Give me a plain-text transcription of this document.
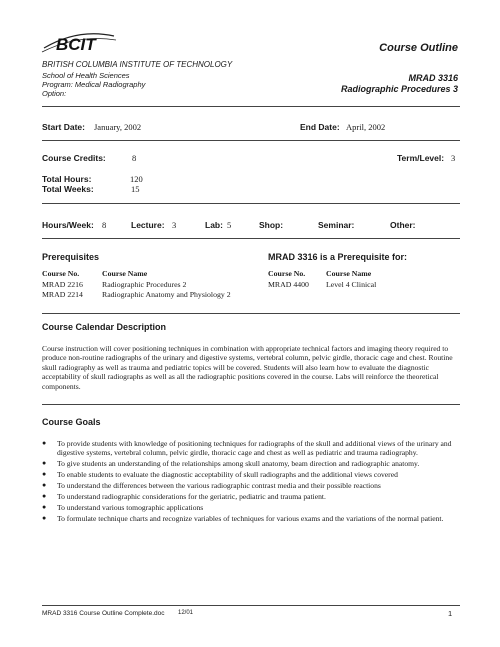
BCIT
BRITISH COLUMBIA INSTITUTE OF TECHNOLOGY
School of Health Sciences
Program: Medical Radiography
Option:
Course Outline
MRAD 3316
Radiographic Procedures 3
Start Date: January, 2002	End Date: April, 2002
Course Credits:	8	Term/Level: 3
Total Hours:	120
Total Weeks:	15
Hours/Week: 8	Lecture: 3	Lab: 5	Shop:	Seminar:	Other:
Prerequisites
Course No.	Course Name
MRAD 2216 Radiographic Procedures 2
MRAD 2214 Radiographic Anatomy and Physiology 2
MRAD 3316 is a Prerequisite for:
Course No.	Course Name
MRAD 4400 Level 4 Clinical
Course Calendar Description
Course instruction will cover positioning techniques in combination with appropriate technical factors and imaging theory required to produce non-routine radiographs of the urinary and digestive systems, vertebral column, pelvic girdle, thoracic cage and chest. Routine skull radiography as well as trauma and pediatric topics will be covered. Students will also learn how to evaluate the diagnostic acceptability of skull radiographs as well as all the radiographic positions covered in the course. Labs will reinforce the theoretical components.
Course Goals
● To provide students with knowledge of positioning techniques for radiographs of the skull and additional views of the urinary and digestive systems, vertebral column, pelvic girdle, thoracic cage and chest as well as pediatric and trauma radiography.
● To give students an understanding of the relationships among skull anatomy, beam direction and radiographic anatomy.
● To enable students to evaluate the diagnostic acceptability of skull radiographs and the additional views covered
● To understand the differences between the various radiographic contrast media and their possible reactions
● To understand radiographic considerations for the geriatric, pediatric and trauma patient.
● To understand various tomographic applications
● To formulate technique charts and recognize variables of techniques for various exams and the variations of the normal patient.
MRAD 3316 Course Outline Complete.doc 12/01	1
